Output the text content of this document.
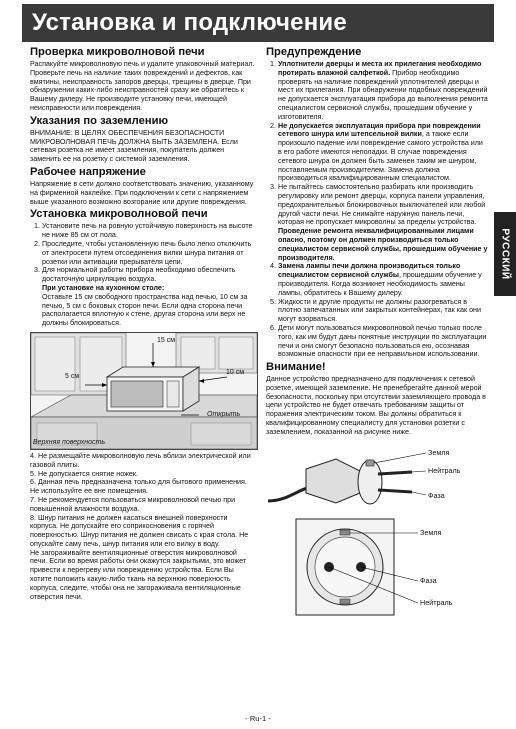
Установка и подключение
РУССКИЙ
Проверка микроволновой печи

Распакуйте микроволновую печь и удалите упаковочный материал. Проверьте печь на наличие таких повреждений и дефектов, как вмятины, неисправность запоров дверцы, трещины в дверце. При обнаружении каких-либо неисправностей сразу же обратитесь к Вашему дилеру. Не производите установку печи, имеющей неисправности или повреждения.

Указания по заземлению

ВНИМАНИЕ: В ЦЕЛЯХ ОБЕСПЕЧЕНИЯ БЕЗОПАСНОСТИ МИКРОВОЛНОВАЯ ПЕЧЬ ДОЛЖНА БЫТЬ ЗАЗЕМЛЕНА. Если сетевая розетка не имеет заземления, покупатель должен заменить ее на розетку с системой заземления.

Рабочее напряжение

Напряжение в сети должно соответствовать значению, указанному на фирменной наклейке. При подключении к сети с напряжением выше указанного возможно возгорание или другие повреждения.

Установка микроволновой печи
1. Установите печь на ровную устойчивую поверхность на высоте не ниже 85 см от пола.
2. Проследите, чтобы установленную печь было легко отключить от электросети путем отсоединения вилки шнура питания от розетки или активации прерывателя цепи.
3. Для нормальной работы прибора необходимо обеспечить достаточную циркуляцию воздуха.
При установке на кухонном столе:
Оставьте 15 см свободного пространства над печью, 10 см за печью, 5 см с боковых сторон печи. Если одна сторона печи располагается вплотную к стене, другая сторона или верх не должны блокироваться.
15 см
5 см
10 см
Открыть
Верхняя поверхность

4. Не размещайте микроволновую печь вблизи электрической или газовой плиты.

5. Не допускается снятие ножек.

6. Данная печь предназначена только для бытового применения. Не используйте ее вне помещения.

7. Не рекомендуется пользоваться микроволновой печью при повышенной влажности воздуха.

8. Шнур питания не должен касаться внешней поверхности корпуса. Не допускайте его соприкосновения с горячей поверхностью. Шнур питания не должен свисать с края стола. Не опускайте саму печь, шнур питания или его вилку в воду.

Не загораживайте вентиляционные отверстия микроволновой печи. Если во время работы они окажутся закрытыми, это может привести к перегреву или повреждению устройства. Если Вы хотите положить какую-либо ткань на верхнюю поверхность корпуса, следите, чтобы она не загораживала вентиляционные отверстия печи.

Предупреждение
1. Уплотнители дверцы и места их прилегания необходимо протирать влажной салфеткой. Прибор необходимо проверять на наличие повреждений уплотнителей дверцы и мест их прилегания. При обнаружении подобных повреждений не допускается эксплуатация прибора до выполнения ремонта специалистом сервисной службы, прошедшим обучение у изготовителя.
2. Не допускается эксплуатация прибора при повреждении сетевого шнура или штепсельной вилки, а также если произошло падение или повреждение самого устройства или в его работе имеются неполадки. В случае повреждения сетевого шнура он должен быть заменен таким же шнуром, поставляемым производителем. Замена должна производиться квалифицированным специалистом.
3. Не пытайтесь самостоятельно разбирать или производить регулировку или ремонт дверцы, корпуса панели управления, предохранительных блокировочных выключателей или любой другой части печи. Не снимайте наружную панель печи, которая не пропускает микроволны за пределы устройства.
Проведение ремонта неквалифицированными лицами опасно, поэтому он должен производиться только специалистом сервисной службы, прошедшим обучение у производителя.
4. Замена лампы печи должна производиться только специалистом сервисной службы, прошедшим обучение у производителя. Когда возникнет необходимость замены лампы, обратитесь к Вашему дилеру.
5. Жидкости и другие продукты не должны разогреваться в плотно запечатанных или закрытых контейнерах, так как они могут взорваться.
6. Дети могут пользоваться микроволновой печью только после того, как им будут даны понятные инструкции по эксплуатации печи и они смогут безопасно пользоваться ею, осознавая возможные опасности при ее неправильном использовании.
Внимание!

Данное устройство предназначено для подключения к сетевой розетке, имеющей заземление. Не пренебрегайте данной мерой безопасности, поскольку при отсутствии заземляющего провода в цепи устройство не будет отвечать требованиям защиты от поражения электрическим током. Вы должны обратиться к квалифицированному специалисту для установки розетки с заземлением, показанной на рисунке ниже.

Земля
Нейтраль
Фаза
Земля
Фаза
Нейтраль
- Ru-1 -
